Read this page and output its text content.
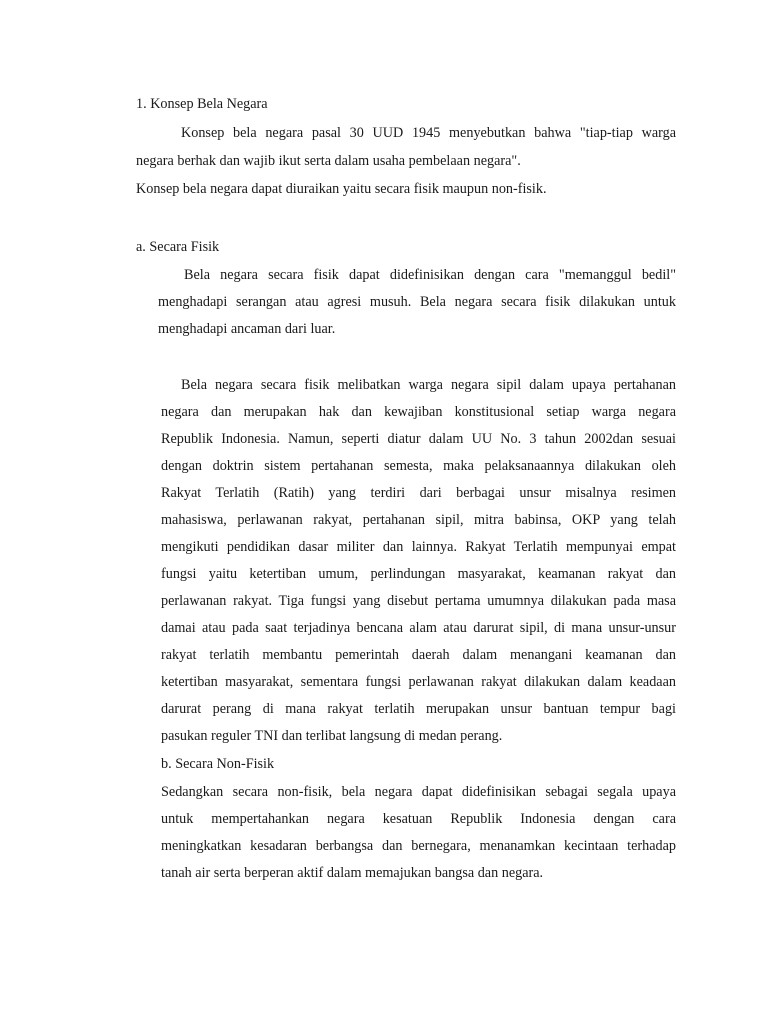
1. Konsep Bela Negara
Konsep bela negara pasal 30 UUD 1945 menyebutkan bahwa "tiap-tiap warga
negara berhak dan wajib ikut serta dalam usaha pembelaan negara".
Konsep bela negara dapat diuraikan yaitu secara fisik maupun non-fisik.
a. Secara Fisik
Bela negara secara fisik dapat didefinisikan dengan cara "memanggul bedil"
menghadapi serangan atau agresi musuh. Bela negara secara fisik dilakukan untuk
menghadapi ancaman dari luar.
Bela negara secara fisik melibatkan warga negara sipil dalam upaya pertahanan
negara dan merupakan hak dan kewajiban konstitusional setiap warga negara
Republik Indonesia. Namun, seperti diatur dalam UU No. 3 tahun 2002dan sesuai
dengan doktrin sistem pertahanan semesta, maka pelaksanaannya dilakukan oleh
Rakyat Terlatih (Ratih) yang terdiri dari berbagai unsur misalnya resimen
mahasiswa, perlawanan rakyat, pertahanan sipil, mitra babinsa, OKP yang telah
mengikuti pendidikan dasar militer dan lainnya. Rakyat Terlatih mempunyai empat
fungsi yaitu ketertiban umum, perlindungan masyarakat, keamanan rakyat dan
perlawanan rakyat. Tiga fungsi yang disebut pertama umumnya dilakukan pada masa
damai atau pada saat terjadinya bencana alam atau darurat sipil, di mana unsur-unsur
rakyat terlatih membantu pemerintah daerah dalam menangani keamanan dan
ketertiban masyarakat, sementara fungsi perlawanan rakyat dilakukan dalam keadaan
darurat perang di mana rakyat terlatih merupakan unsur bantuan tempur bagi
pasukan reguler TNI dan terlibat langsung di medan perang.
b. Secara Non-Fisik
Sedangkan secara non-fisik, bela negara dapat didefinisikan sebagai segala upaya
untuk mempertahankan negara kesatuan Republik Indonesia dengan cara
meningkatkan kesadaran berbangsa dan bernegara, menanamkan kecintaan terhadap
tanah air serta berperan aktif dalam memajukan bangsa dan negara.
